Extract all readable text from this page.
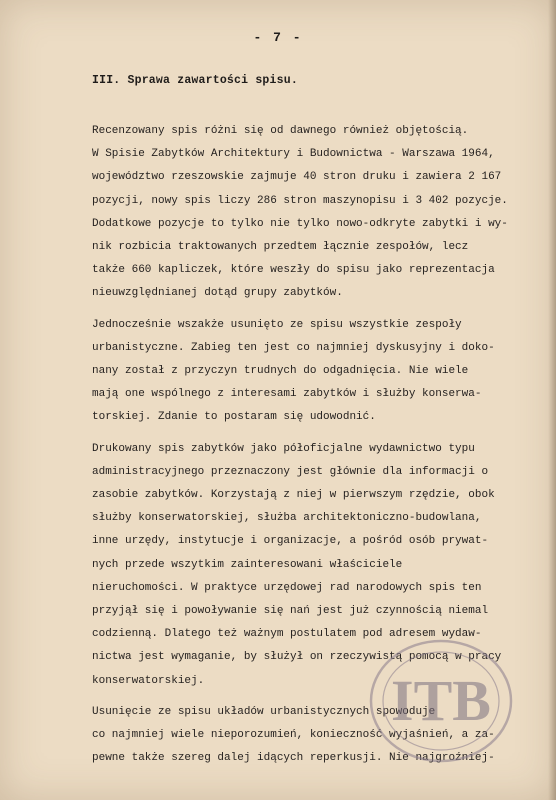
- 7 -
III. Sprawa zawartości spisu.
Recenzowany spis różni się od dawnego również objętością.
W Spisie Zabytków Architektury i Budownictwa - Warszawa 1964,
województwo rzeszowskie zajmuje 40 stron druku i zawiera 2 167
pozycji, nowy spis liczy 286 stron maszynopisu i 3 402 pozycje.
Dodatkowe pozycje to tylko nie tylko nowo-odkryte zabytki i wy-
nik rozbicia traktowanych przedtem łącznie zespołów, lecz
także 660 kapliczek, które weszły do spisu jako reprezentacja
nieuwzględnianej dotąd grupy zabytków.
Jednocześnie wszakże usunięto ze spisu wszystkie zespoły
urbanistyczne. Zabieg ten jest co najmniej dyskusyjny i doko-
nany został z przyczyn trudnych do odgadnięcia. Nie wiele
mają one wspólnego z interesami zabytków i służby konserwa-
torskiej. Zdanie to postaram się udowodnić.
Drukowany spis zabytków jako półoficjalne wydawnictwo typu
administracyjnego przeznaczony jest głównie dla informacji o
zasobie zabytków. Korzystają z niej w pierwszym rzędzie, obok
służby konserwatorskiej, służba architektoniczno-budowlana,
inne urzędy, instytucje i organizacje, a pośród osób prywat-
nych przede wszytkim zainteresowani właściciele
nieruchomości. W praktyce urzędowej rad narodowych spis ten
przyjął się i powoływanie się nań jest już czynnością niemal
codzienną. Dlatego też ważnym postulatem pod adresem wydaw-
nictwa jest wymaganie, by służył on rzeczywistą pomocą w pracy
konserwatorskiej.
Usunięcie ze spisu układów urbanistycznych spowoduje
co najmniej wiele nieporozumień, konieczność wyjaśnień, a za-
pewne także szereg dalej idących reperkusji. Nie najgroźniej-
ITB
